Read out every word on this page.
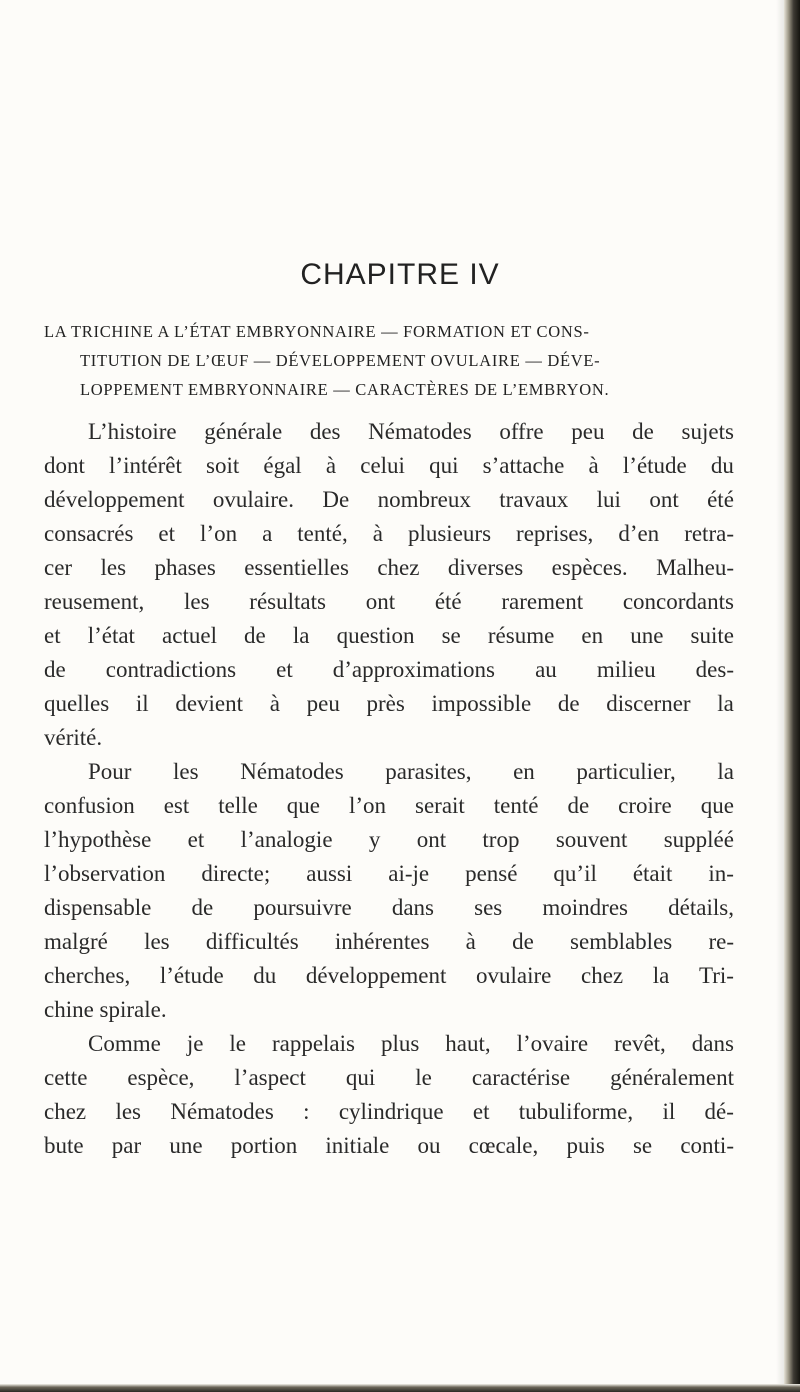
CHAPITRE IV
LA TRICHINE A L’ÉTAT EMBRYONNAIRE — FORMATION ET CONS-
TITUTION DE L’ŒUF — DÉVELOPPEMENT OVULAIRE — DÉVE-
LOPPEMENT EMBRYONNAIRE — CARACTÈRES DE L’EMBRYON.
L’histoire générale des Nématodes offre peu de sujets
dont l’intérêt soit égal à celui qui s’attache à l’étude du
développement ovulaire. De nombreux travaux lui ont été
consacrés et l’on a tenté, à plusieurs reprises, d’en retra-
cer les phases essentielles chez diverses espèces. Malheu-
reusement, les résultats ont été rarement concordants
et l’état actuel de la question se résume en une suite
de contradictions et d’approximations au milieu des-
quelles il devient à peu près impossible de discerner la
vérité.
Pour les Nématodes parasites, en particulier, la
confusion est telle que l’on serait tenté de croire que
l’hypothèse et l’analogie y ont trop souvent suppléé
l’observation directe; aussi ai-je pensé qu’il était in-
dispensable de poursuivre dans ses moindres détails,
malgré les difficultés inhérentes à de semblables re-
cherches, l’étude du développement ovulaire chez la Tri-
chine spirale.
Comme je le rappelais plus haut, l’ovaire revêt, dans
cette espèce, l’aspect qui le caractérise généralement
chez les Nématodes : cylindrique et tubuliforme, il dé-
bute par une portion initiale ou cœcale, puis se conti-
